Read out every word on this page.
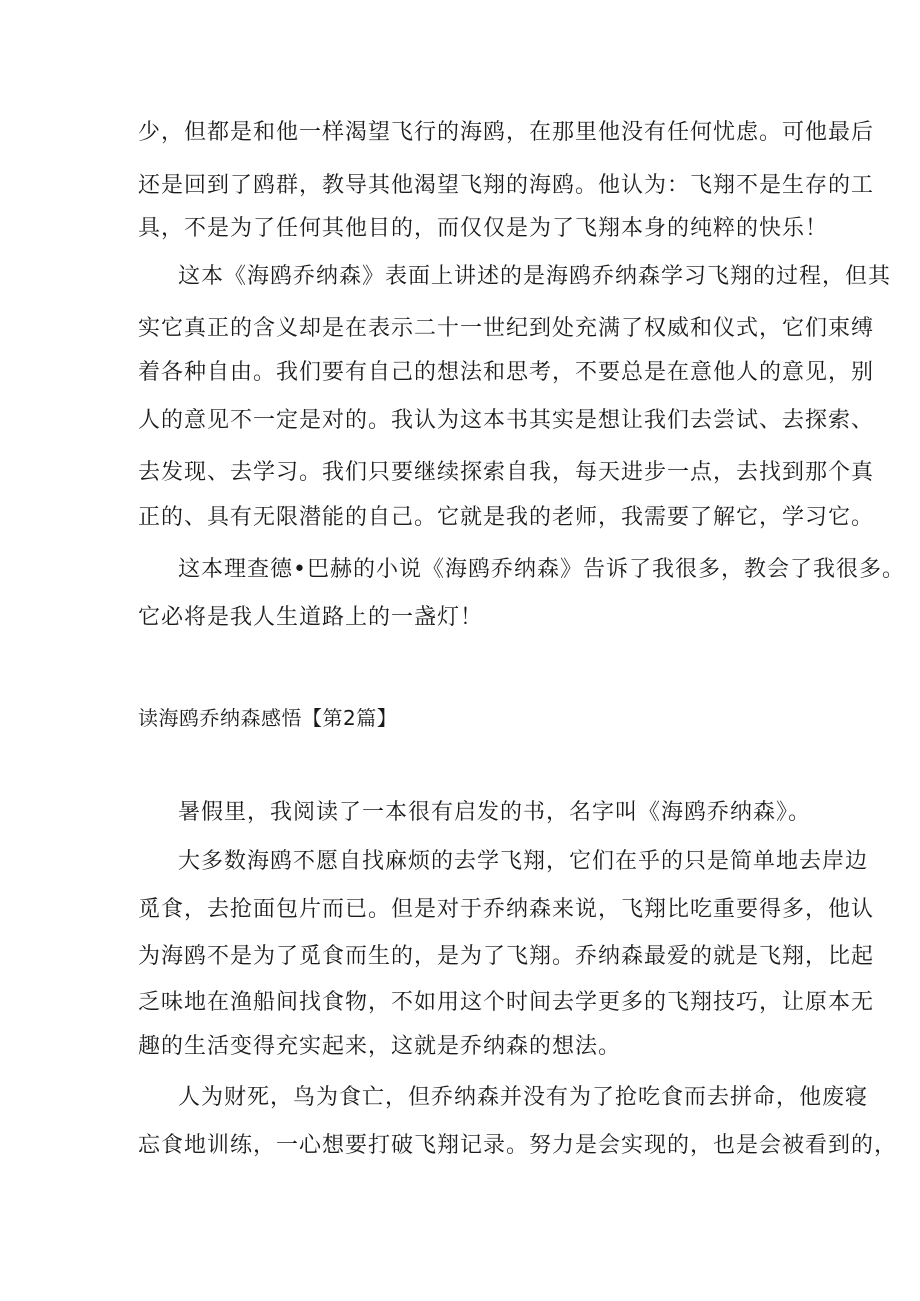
少，但都是和他一样渴望飞行的海鸥，在那里他没有任何忧虑。可他最后
还是回到了鸥群，教导其他渴望飞翔的海鸥。他认为：飞翔不是生存的工
具，不是为了任何其他目的，而仅仅是为了飞翔本身的纯粹的快乐！
这本《海鸥乔纳森》表面上讲述的是海鸥乔纳森学习飞翔的过程，但其
实它真正的含义却是在表示二十一世纪到处充满了权威和仪式，它们束缚
着各种自由。我们要有自己的想法和思考，不要总是在意他人的意见，别
人的意见不一定是对的。我认为这本书其实是想让我们去尝试、去探索、
去发现、去学习。我们只要继续探索自我，每天进步一点，去找到那个真
正的、具有无限潜能的自己。它就是我的老师，我需要了解它，学习它。
这本理查德•巴赫的小说《海鸥乔纳森》告诉了我很多，教会了我很多。
它必将是我人生道路上的一盏灯！
读海鸥乔纳森感悟【第2篇】
暑假里，我阅读了一本很有启发的书，名字叫《海鸥乔纳森》。
大多数海鸥不愿自找麻烦的去学飞翔，它们在乎的只是简单地去岸边
觅食，去抢面包片而已。但是对于乔纳森来说，飞翔比吃重要得多，他认
为海鸥不是为了觅食而生的，是为了飞翔。乔纳森最爱的就是飞翔，比起
乏味地在渔船间找食物，不如用这个时间去学更多的飞翔技巧，让原本无
趣的生活变得充实起来，这就是乔纳森的想法。
人为财死，鸟为食亡，但乔纳森并没有为了抢吃食而去拼命，他废寝
忘食地训练，一心想要打破飞翔记录。努力是会实现的，也是会被看到的，
